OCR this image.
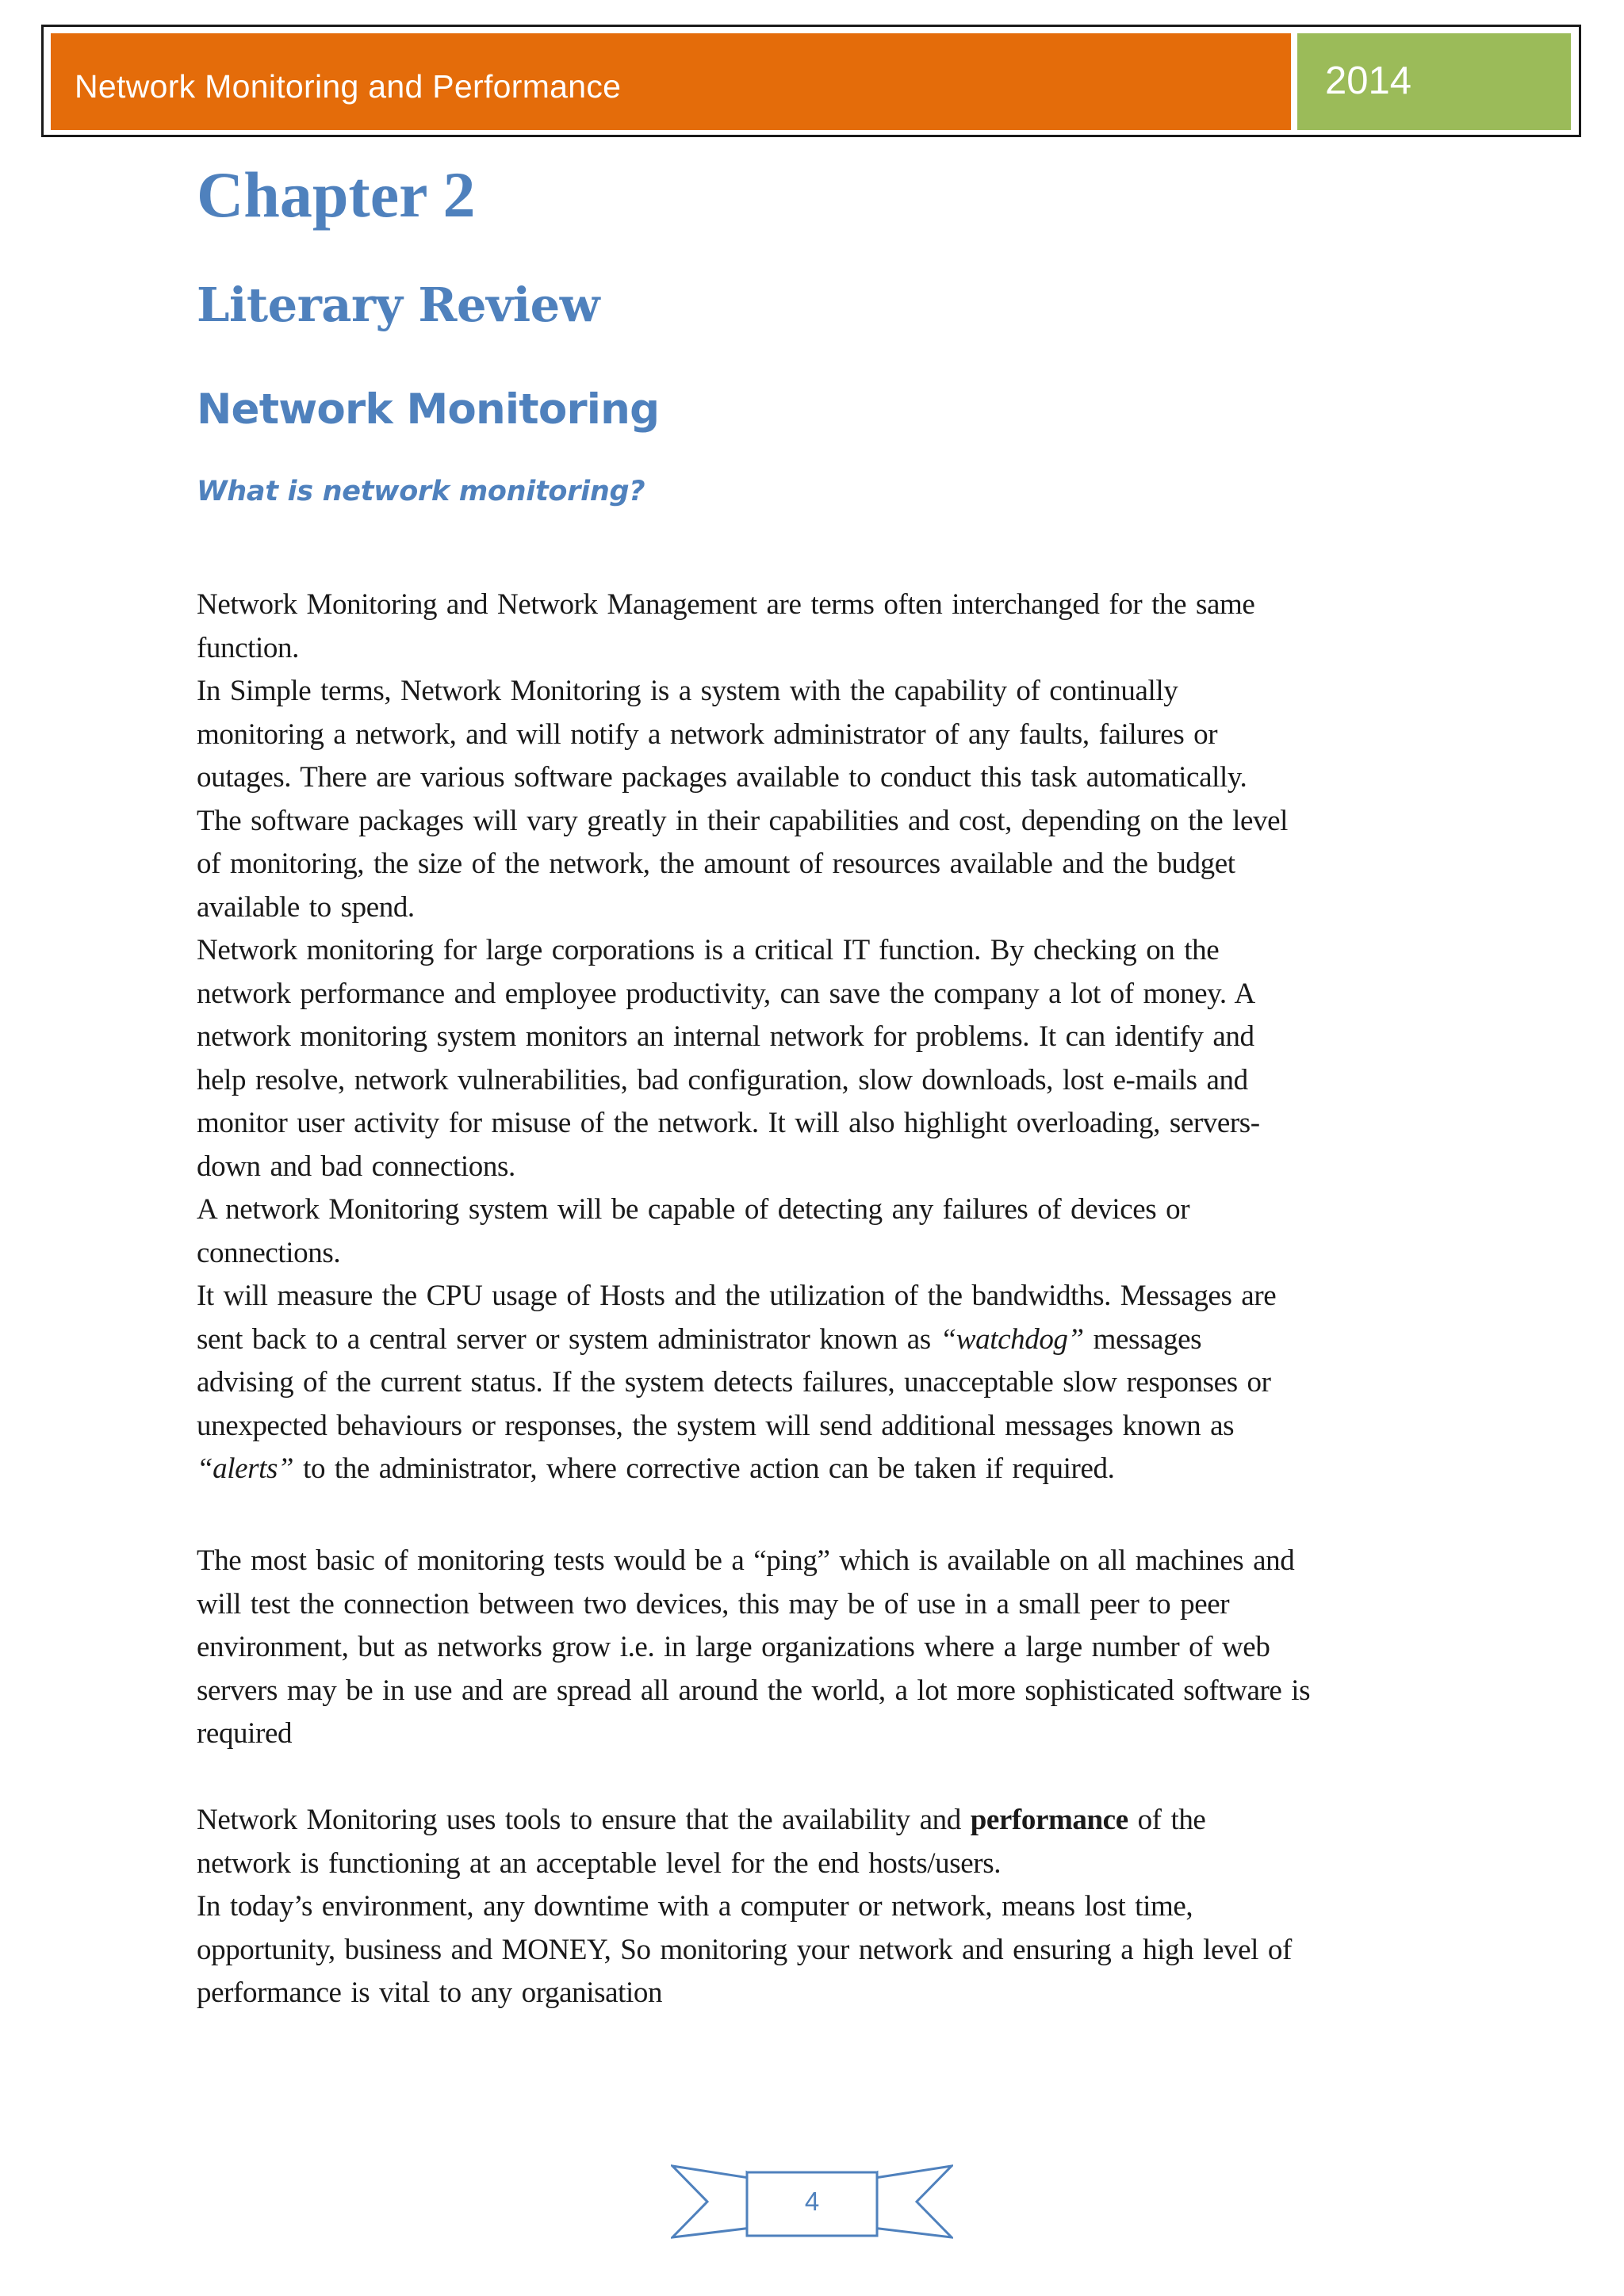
Network Monitoring and Performance	2014
Chapter 2
Literary Review
Network Monitoring
What is network monitoring?
Network Monitoring and Network Management are terms often interchanged for the same
function.
In Simple terms, Network Monitoring is a system with the capability of continually
monitoring a network, and will notify a network administrator of any faults, failures or
outages. There are various software packages available to conduct this task automatically.
The software packages will vary greatly in their capabilities and cost, depending on the level
of monitoring, the size of the network, the amount of resources available and the budget
available to spend.
Network monitoring for large corporations is a critical IT function. By checking on the
network performance and employee productivity, can save the company a lot of money. A
network monitoring system monitors an internal network for problems. It can identify and
help resolve, network vulnerabilities, bad configuration, slow downloads, lost e-mails and
monitor user activity for misuse of the network. It will also highlight overloading, servers-
down and bad connections.
A network Monitoring system will be capable of detecting any failures of devices or
connections.
It will measure the CPU usage of Hosts and the utilization of the bandwidths. Messages are
sent back to a central server or system administrator known as “watchdog” messages
advising of the current status. If the system detects failures, unacceptable slow responses or
unexpected behaviours or responses, the system will send additional messages known as
“alerts” to the administrator, where corrective action can be taken if required.
The most basic of monitoring tests would be a “ping” which is available on all machines and
will test the connection between two devices, this may be of use in a small peer to peer
environment, but as networks grow i.e. in large organizations where a large number of web
servers may be in use and are spread all around the world, a lot more sophisticated software is
required
Network Monitoring uses tools to ensure that the availability and performance of the
network is functioning at an acceptable level for the end hosts/users.
In today’s environment, any downtime with a computer or network, means lost time,
opportunity, business and MONEY, So monitoring your network and ensuring a high level of
performance is vital to any organisation
4
